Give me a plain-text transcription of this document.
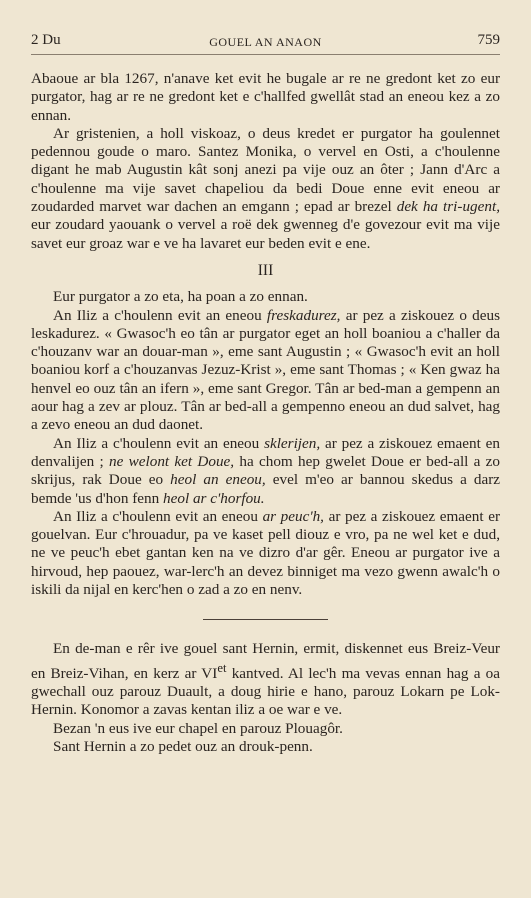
2 Du	GOUEL AN ANAON	759

Abaoue ar bla 1267, n'anave ket evit he bugale ar re ne gredont ket zo eur purgator, hag ar re ne gredont ket e c'hallfed gwellât stad an eneou kez a zo ennan.

Ar gristenien, a holl viskoaz, o deus kredet er purgator ha goulennet pedennou goude o maro. Santez Monika, o vervel en Osti, a c'houlenne digant he mab Augustin kât sonj anezi pa vije ouz an ôter ; Jann d'Arc a c'houlenne ma vije savet chapeliou da bedi Doue enne evit eneou ar zoudarded marvet war dachen an emgann ; epad ar brezel dek ha tri-ugent, eur zoudard yaouank o vervel a roë dek gwenneg d'e govezour evit ma vije savet eur groaz war e ve ha lavaret eur beden evit e ene.

III

Eur purgator a zo eta, ha poan a zo ennan.

An Iliz a c'houlenn evit an eneou freskadurez, ar pez a ziskouez o deus leskadurez. « Gwasoc'h eo tân ar purgator eget an holl boaniou a c'haller da c'houzanv war an douar-man », eme sant Augustin ; « Gwasoc'h evit an holl boaniou korf a c'houzanvas Jezuz-Krist », eme sant Thomas ; « Ken gwaz ha henvel eo ouz tân an ifern », eme sant Gregor. Tân ar bed-man a gempenn an aour hag a zev ar plouz. Tân ar bed-all a gempenno eneou an dud salvet, hag a zevo eneou an dud daonet.

An Iliz a c'houlenn evit an eneou sklerijen, ar pez a ziskouez emaent en denvalijen ; ne welont ket Doue, ha chom hep gwelet Doue er bed-all a zo skrijus, rak Doue eo heol an eneou, evel m'eo ar bannou skedus a darz bemde 'us d'hon fenn heol ar c'horfou.

An Iliz a c'houlenn evit an eneou ar peuc'h, ar pez a ziskouez emaent er gouelvan. Eur c'hrouadur, pa ve kaset pell diouz e vro, pa ne wel ket e dud, ne ve peuc'h ebet gantan ken na ve dizro d'ar gêr. Eneou ar purgator ive a hirvoud, hep paouez, war-lerc'h an devez binniget ma vezo gwenn awalc'h o iskili da nijal en kerc'hen o zad a zo en nenv.

En de-man e rêr ive gouel sant Hernin, ermit, diskennet eus Breiz-Veur en Breiz-Vihan, en kerz ar $VI^{et}$ kantved. Al lec'h ma vevas ennan hag a oa gwechall ouz parouz Duault, a doug hirie e hano, parouz Lokarn pe Lok-Hernin. Konomor a zavas kentan iliz a oe war e ve.

Bezan 'n eus ive eur chapel en parouz Plouagôr.

Sant Hernin a zo pedet ouz an drouk-penn.
